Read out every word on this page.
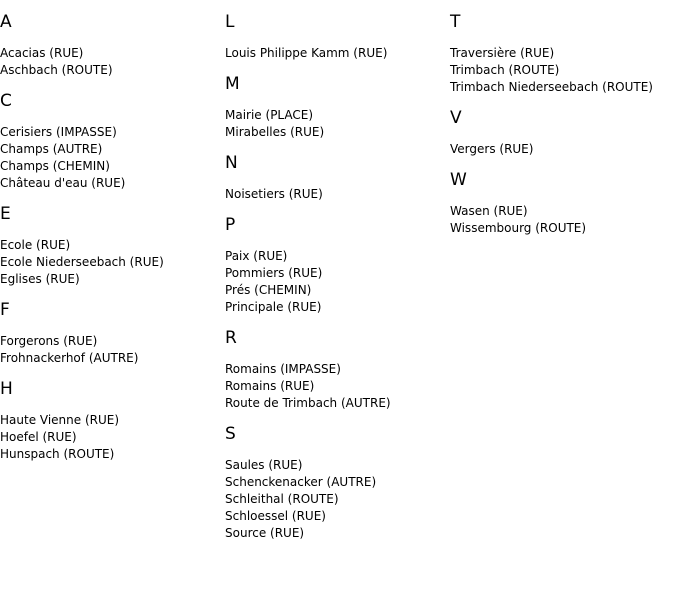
A
Acacias (RUE)
Aschbach (ROUTE)
C
Cerisiers (IMPASSE)
Champs (AUTRE)
Champs (CHEMIN)
Château d'eau (RUE)
E
Ecole (RUE)
Ecole Niederseebach (RUE)
Eglises (RUE)
F
Forgerons (RUE)
Frohnackerhof (AUTRE)
H
Haute Vienne (RUE)
Hoefel (RUE)
Hunspach (ROUTE)
L
Louis Philippe Kamm (RUE)
M
Mairie (PLACE)
Mirabelles (RUE)
N
Noisetiers (RUE)
P
Paix (RUE)
Pommiers (RUE)
Prés (CHEMIN)
Principale (RUE)
R
Romains (IMPASSE)
Romains (RUE)
Route de Trimbach (AUTRE)
S
Saules (RUE)
Schenckenacker (AUTRE)
Schleithal (ROUTE)
Schloessel (RUE)
Source (RUE)
T
Traversière (RUE)
Trimbach (ROUTE)
Trimbach Niederseebach (ROUTE)
V
Vergers (RUE)
W
Wasen (RUE)
Wissembourg (ROUTE)
